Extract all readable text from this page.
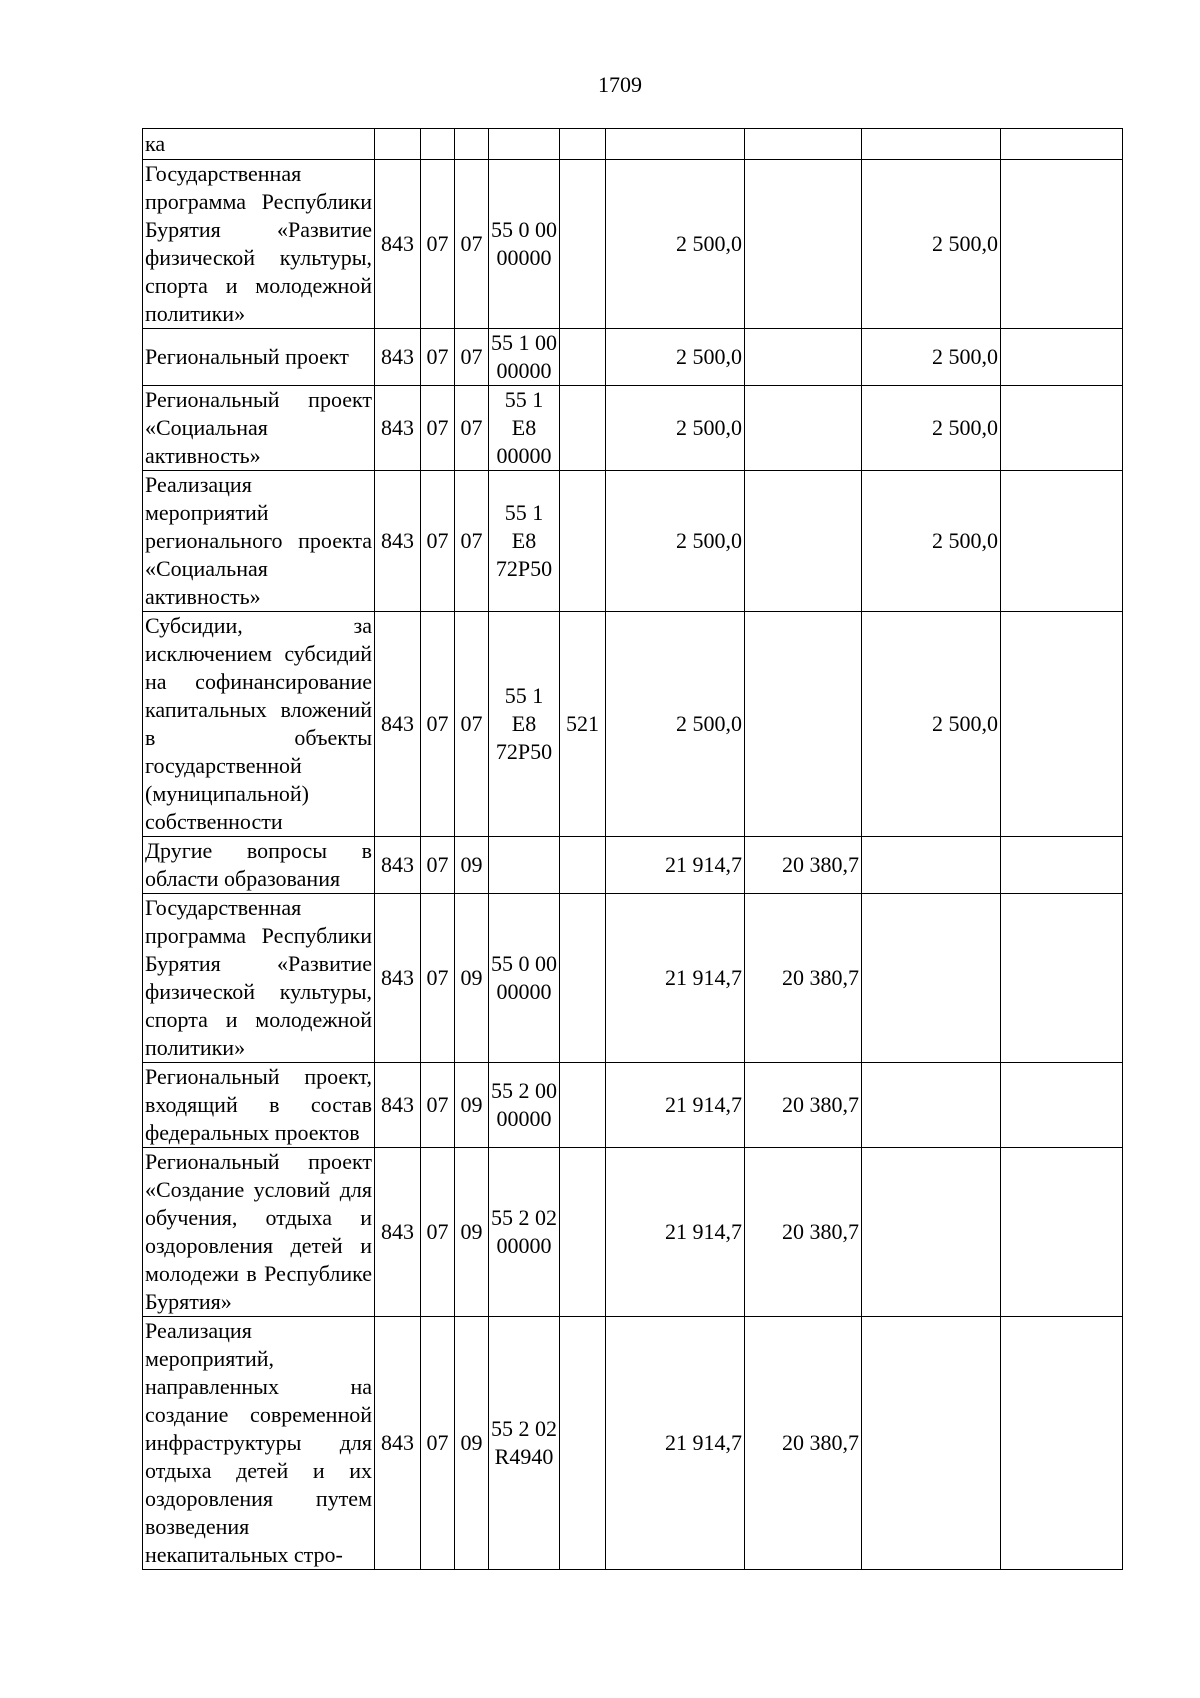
1709
ка									
Государственная программа Республики Бурятия «Развитие физической культуры, спорта и молодежной политики»	843	07	07	55 0 00 00000		2 500,0		2 500,0	
Региональный проект	843	07	07	55 1 00 00000		2 500,0		2 500,0	
Региональный проект «Социальная активность»	843	07	07	55 1 Е8 00000		2 500,0		2 500,0	
Реализация мероприятий регионального проекта «Социальная активность»	843	07	07	55 1 Е8 72Р50		2 500,0		2 500,0	
Субсидии, за исключением субсидий на софинансирование капитальных вложений в объекты государственной (муниципальной) собственности	843	07	07	55 1 Е8 72Р50	521	2 500,0		2 500,0	
Другие вопросы в области образования	843	07	09			21 914,7	20 380,7		
Государственная программа Республики Бурятия «Развитие физической культуры, спорта и молодежной политики»	843	07	09	55 0 00 00000		21 914,7	20 380,7		
Региональный проект, входящий в состав федеральных проектов	843	07	09	55 2 00 00000		21 914,7	20 380,7		
Региональный проект «Создание условий для обучения, отдыха и оздоровления детей и молодежи в Республике Бурятия»	843	07	09	55 2 02 00000		21 914,7	20 380,7		
Реализация мероприятий, направленных на создание современной инфраструктуры для отдыха детей и их оздоровления путем возведения некапитальных стро-	843	07	09	55 2 02 R4940		21 914,7	20 380,7		
